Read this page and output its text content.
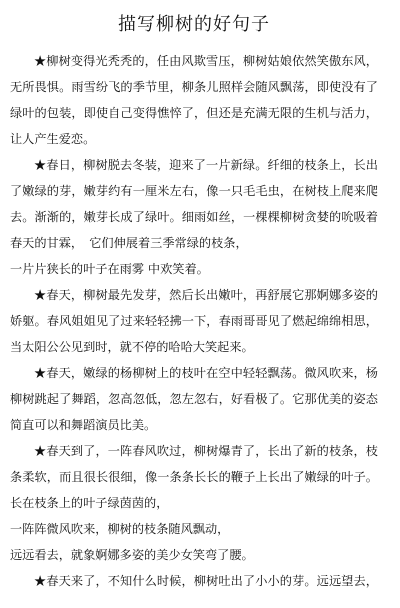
描写柳树的好句子
★柳树变得光秃秃的，任由风欺雪压，柳树姑娘依然笑傲东风，
无所畏惧。雨雪纷飞的季节里，柳条儿照样会随风飘荡，即使没有了
绿叶的包装，即使自己变得憔悴了，但还是充满无限的生机与活力，
让人产生爱恋。
★春日，柳树脱去冬装，迎来了一片新绿。纤细的枝条上，长出
了嫩绿的芽，嫩芽约有一厘米左右，像一只毛毛虫，在树枝上爬来爬
去。渐渐的，嫩芽长成了绿叶。细雨如丝，一棵棵柳树贪婪的吮吸着
春天的甘霖，　它们伸展着三季常绿的枝条，
一片片狭长的叶子在雨雾 中欢笑着。
★春天，柳树最先发芽，然后长出嫩叶，再舒展它那婀娜多姿的
娇躯。春风姐姐见了过来轻轻拂一下，春雨哥哥见了燃起绵绵相思，
当太阳公公见到时，就不停的哈哈大笑起来。
★春天，嫩绿的杨柳树上的枝叶在空中轻轻飘荡。微风吹来，杨
柳树跳起了舞蹈，忽高忽低，忽左忽右，好看极了。它那优美的姿态
简直可以和舞蹈演员比美。
★春天到了，一阵春风吹过，柳树爆青了，长出了新的枝条，枝
条柔软，而且很长很细，像一条条长长的鞭子上长出了嫩绿的叶子。
长在枝条上的叶子绿茵茵的，
一阵阵微风吹来，柳树的枝条随风飘动，
远远看去，就象婀娜多姿的美少女笑弯了腰。
★春天来了，不知什么时候，柳树吐出了小小的芽。远远望去，
